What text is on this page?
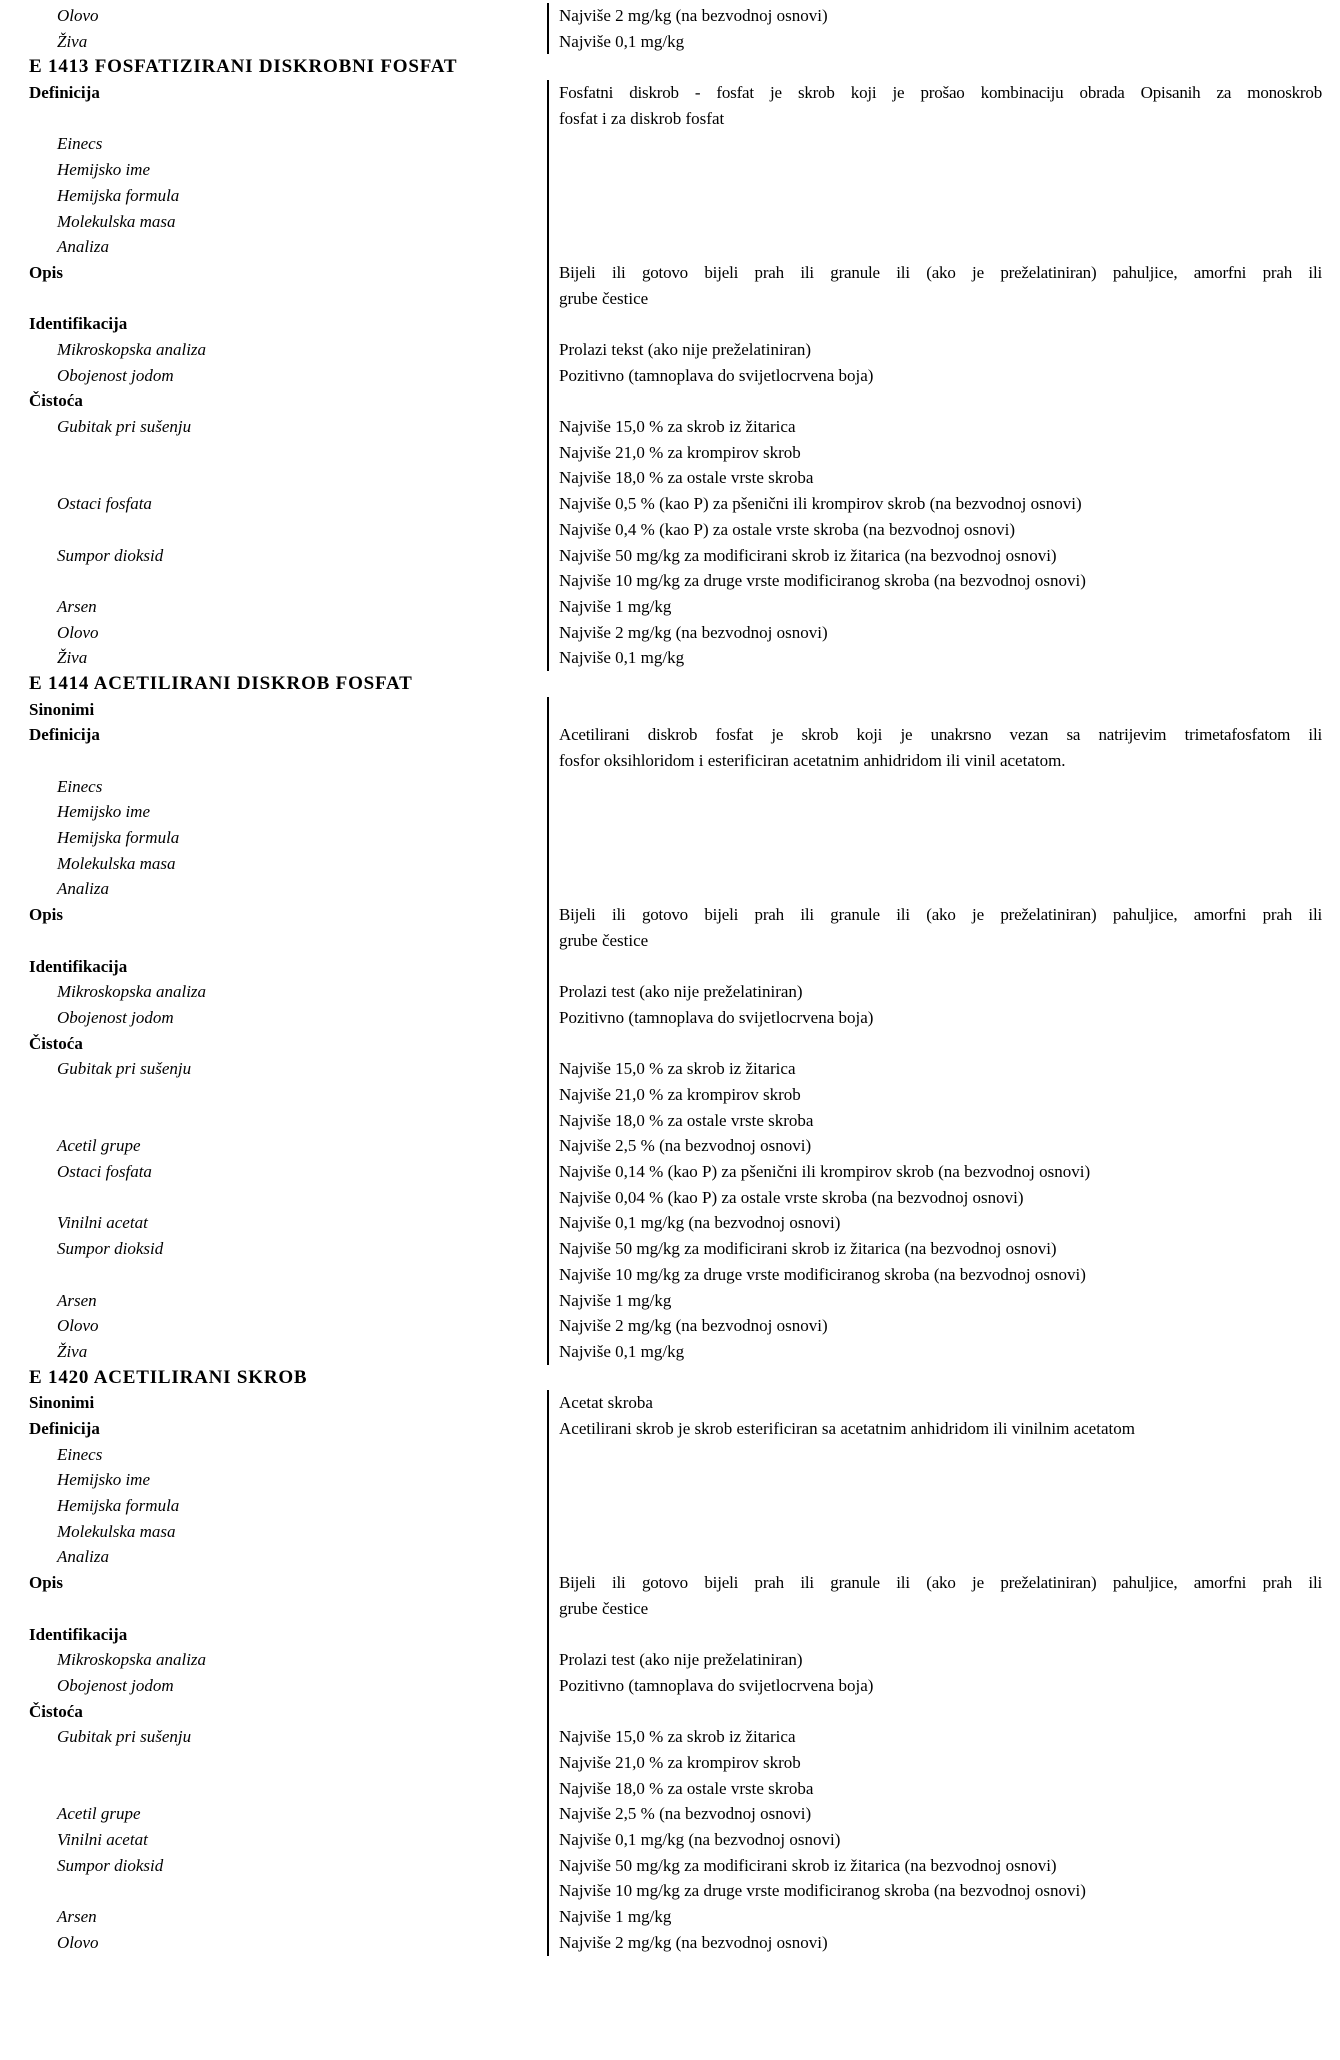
Olovo	Najviše 2 mg/kg (na bezvodnoj osnovi)
Živa	Najviše 0,1 mg/kg
E 1413 FOSFATIZIRANI DISKROBNI FOSFAT
Definicija	Fosfatni diskrob - fosfat je skrob koji je prošao kombinaciju obrada Opisanih za monoskrob
fosfat i za diskrob fosfat
Einecs
Hemijsko ime
Hemijska formula
Molekulska masa
Analiza
Opis	Bijeli ili gotovo bijeli prah ili granule ili (ako je preželatiniran) pahuljice, amorfni prah ili
grube čestice
Identifikacija
Mikroskopska analiza	Prolazi tekst (ako nije preželatiniran)
Obojenost jodom	Pozitivno (tamnoplava do svijetlocrvena boja)
Čistoća
Gubitak pri sušenju	Najviše 15,0 % za skrob iz žitarica
Najviše 21,0 % za krompirov skrob
Najviše 18,0 % za ostale vrste skroba
Ostaci fosfata	Najviše 0,5 % (kao P) za pšenični ili krompirov skrob (na bezvodnoj osnovi)
Najviše 0,4 % (kao P) za ostale vrste skroba (na bezvodnoj osnovi)
Sumpor dioksid	Najviše 50 mg/kg za modificirani skrob iz žitarica (na bezvodnoj osnovi)
Najviše 10 mg/kg za druge vrste modificiranog skroba (na bezvodnoj osnovi)
Arsen	Najviše 1 mg/kg
Olovo	Najviše 2 mg/kg (na bezvodnoj osnovi)
Živa	Najviše 0,1 mg/kg
E 1414 ACETILIRANI DISKROB FOSFAT
Sinonimi
Definicija	Acetilirani diskrob fosfat je skrob koji je unakrsno vezan sa natrijevim trimetafosfatom ili
fosfor oksihloridom i esterificiran acetatnim anhidridom ili vinil acetatom.
Einecs
Hemijsko ime
Hemijska formula
Molekulska masa
Analiza
Opis	Bijeli ili gotovo bijeli prah ili granule ili (ako je preželatiniran) pahuljice, amorfni prah ili
grube čestice
Identifikacija
Mikroskopska analiza	Prolazi test (ako nije preželatiniran)
Obojenost jodom	Pozitivno (tamnoplava do svijetlocrvena boja)
Čistoća
Gubitak pri sušenju	Najviše 15,0 % za skrob iz žitarica
Najviše 21,0 % za krompirov skrob
Najviše 18,0 % za ostale vrste skroba
Acetil grupe	Najviše 2,5 % (na bezvodnoj osnovi)
Ostaci fosfata	Najviše 0,14 % (kao P) za pšenični ili krompirov skrob (na bezvodnoj osnovi)
Najviše 0,04 % (kao P) za ostale vrste skroba (na bezvodnoj osnovi)
Vinilni acetat	Najviše 0,1 mg/kg (na bezvodnoj osnovi)
Sumpor dioksid	Najviše 50 mg/kg za modificirani skrob iz žitarica (na bezvodnoj osnovi)
Najviše 10 mg/kg za druge vrste modificiranog skroba (na bezvodnoj osnovi)
Arsen	Najviše 1 mg/kg
Olovo	Najviše 2 mg/kg (na bezvodnoj osnovi)
Živa	Najviše 0,1 mg/kg
E 1420 ACETILIRANI SKROB
Sinonimi	Acetat skroba
Definicija	Acetilirani skrob je skrob esterificiran sa acetatnim anhidridom ili vinilnim acetatom
Einecs
Hemijsko ime
Hemijska formula
Molekulska masa
Analiza
Opis	Bijeli ili gotovo bijeli prah ili granule ili (ako je preželatiniran) pahuljice, amorfni prah ili
grube čestice
Identifikacija
Mikroskopska analiza	Prolazi test (ako nije preželatiniran)
Obojenost jodom	Pozitivno (tamnoplava do svijetlocrvena boja)
Čistoća
Gubitak pri sušenju	Najviše 15,0 % za skrob iz žitarica
Najviše 21,0 % za krompirov skrob
Najviše 18,0 % za ostale vrste skroba
Acetil grupe	Najviše 2,5 % (na bezvodnoj osnovi)
Vinilni acetat	Najviše 0,1 mg/kg (na bezvodnoj osnovi)
Sumpor dioksid	Najviše 50 mg/kg za modificirani skrob iz žitarica (na bezvodnoj osnovi)
Najviše 10 mg/kg za druge vrste modificiranog skroba (na bezvodnoj osnovi)
Arsen	Najviše 1 mg/kg
Olovo	Najviše 2 mg/kg (na bezvodnoj osnovi)
